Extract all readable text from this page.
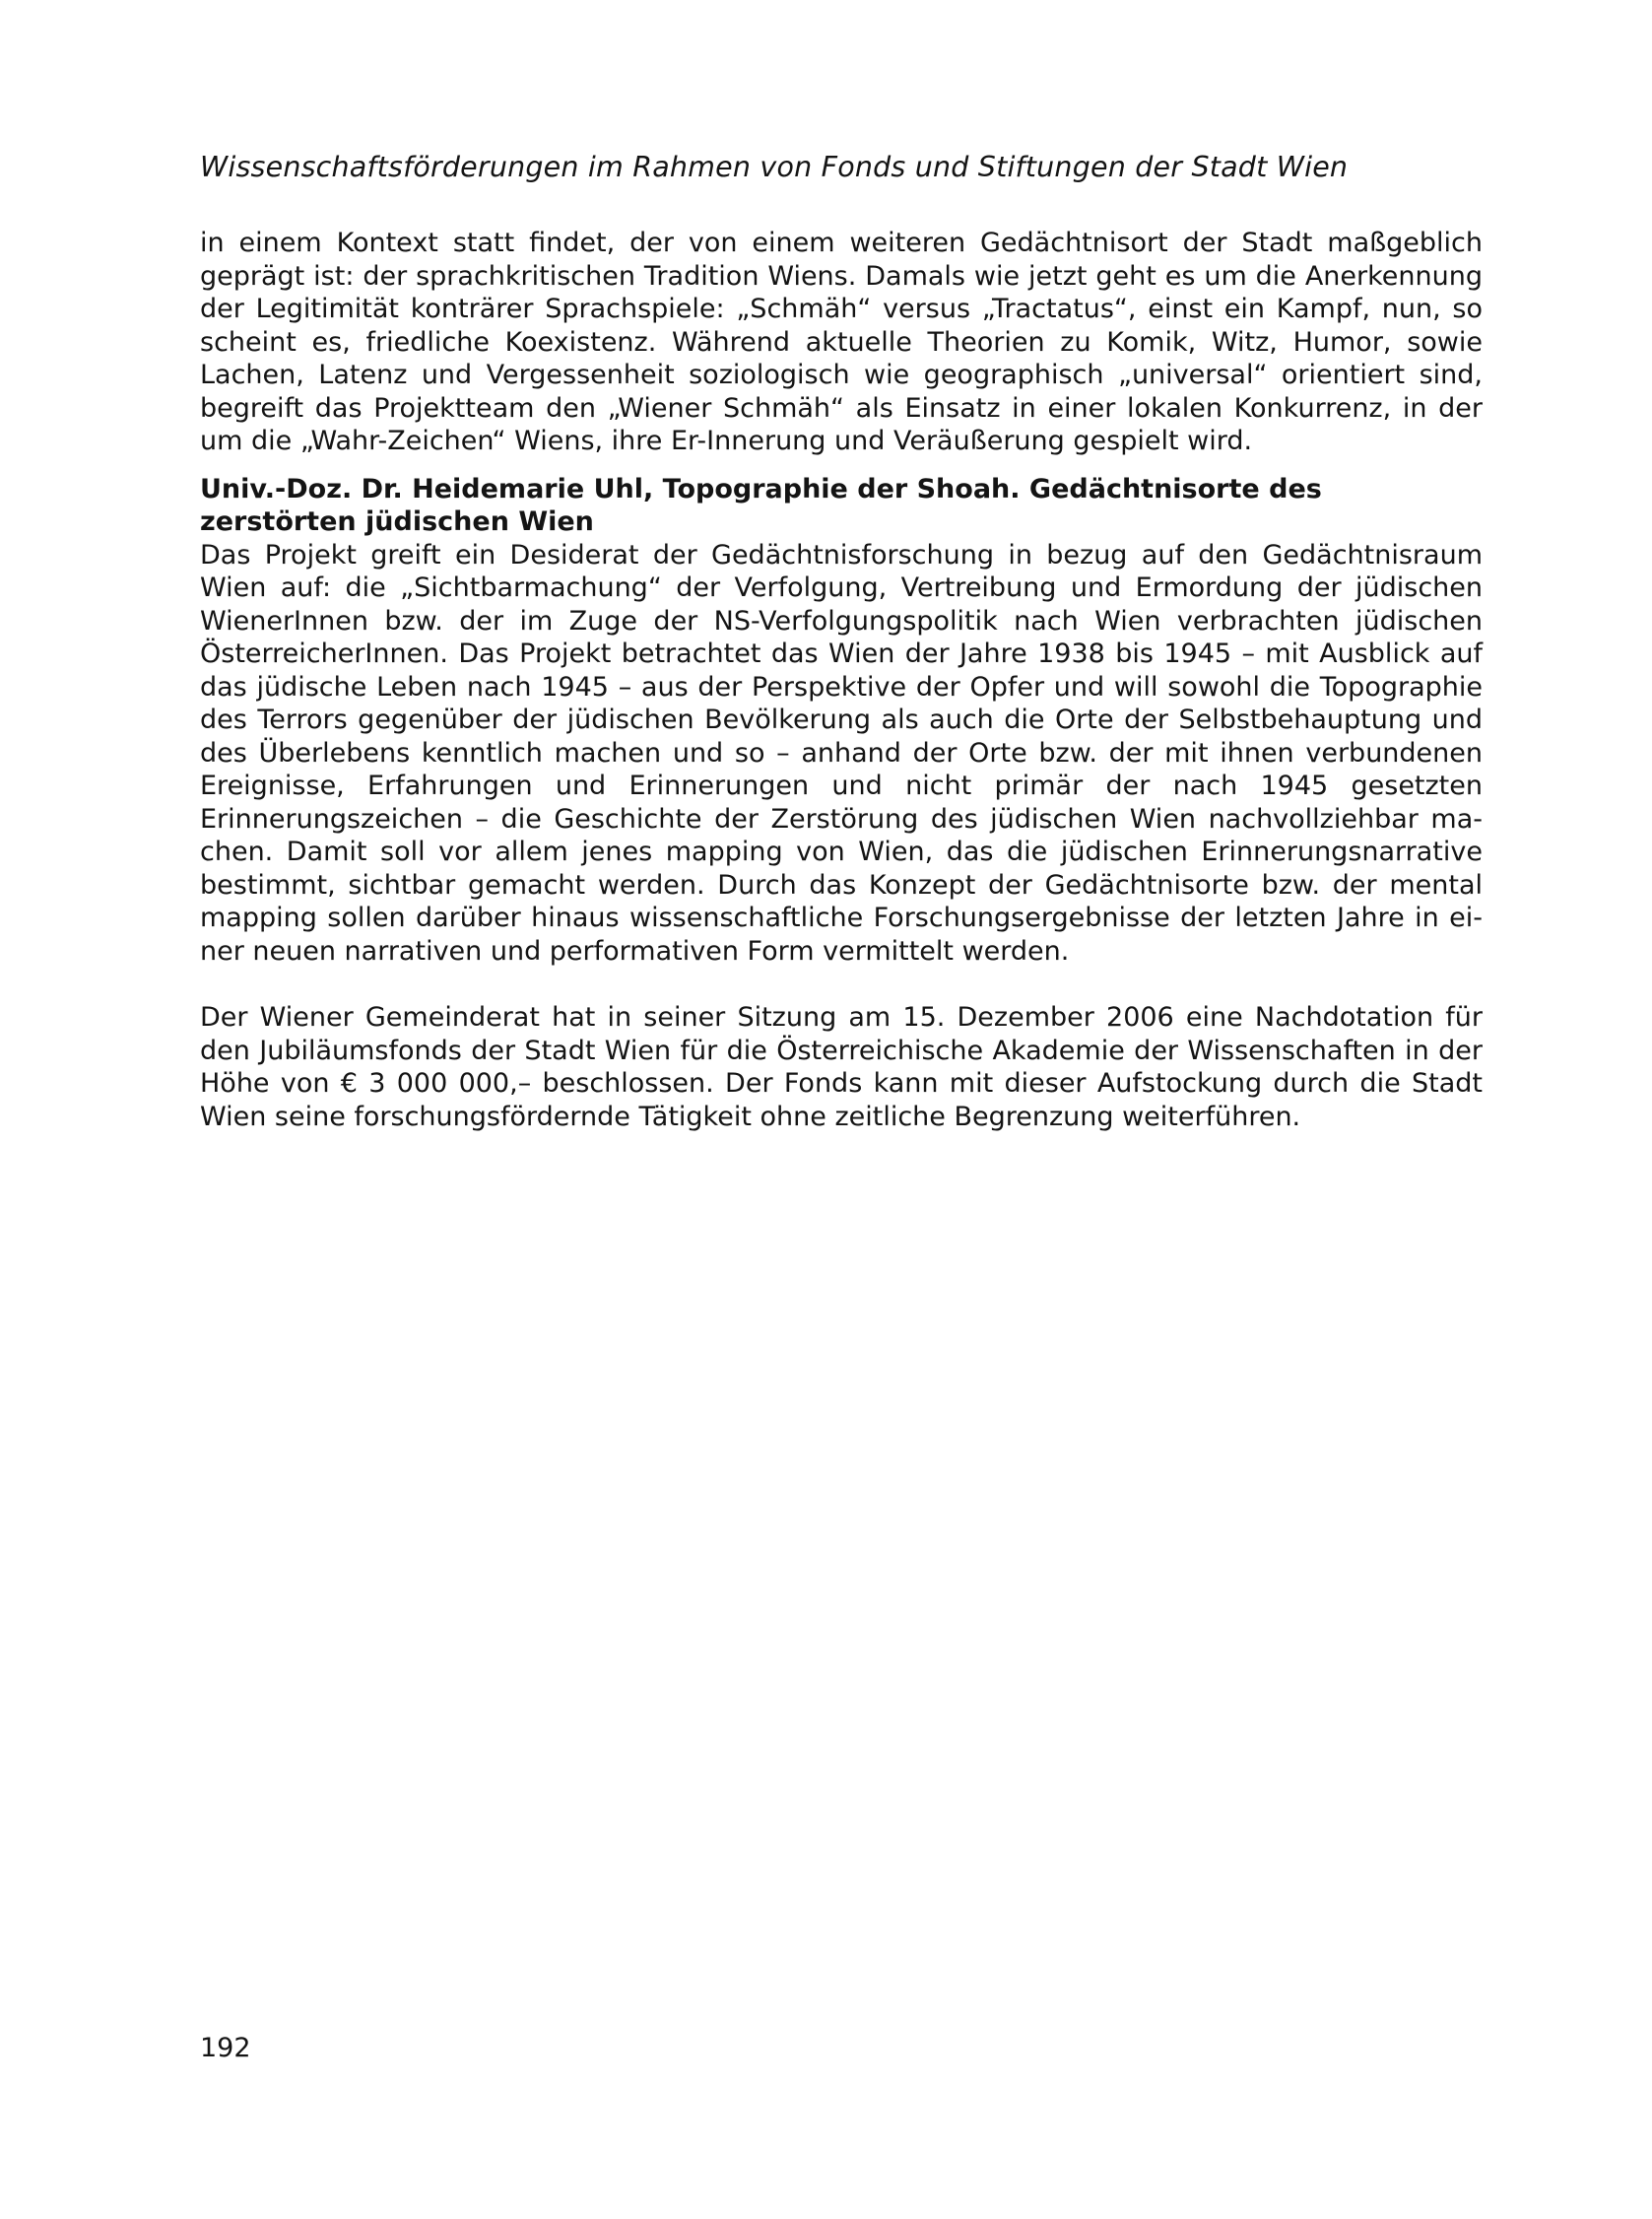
Wissenschaftsförderungen im Rahmen von Fonds und Stiftungen der Stadt Wien

in einem Kontext statt findet, der von einem weiteren Gedächtnisort der Stadt maßgeblich geprägt ist: der sprachkritischen Tradition Wiens. Damals wie jetzt geht es um die Anerkennung der Legitimität konträrer Sprachspiele: „Schmäh“ versus „Tractatus“, einst ein Kampf, nun, so scheint es, friedliche Koexistenz. Während aktuelle Theorien zu Komik, Witz, Humor, sowie Lachen, Latenz und Vergessenheit soziologisch wie geographisch „universal“ orientiert sind, begreift das Projektteam den „Wiener Schmäh“ als Einsatz in einer lokalen Konkurrenz, in der um die „Wahr-Zeichen“ Wiens, ihre Er-Innerung und Veräußerung gespielt wird.

Univ.-Doz. Dr. Heidemarie Uhl, Topographie der Shoah. Gedächtnisorte des zerstörten jüdischen Wien

Das Projekt greift ein Desiderat der Gedächtnisforschung in bezug auf den Gedächtnisraum Wien auf: die „Sichtbarmachung“ der Verfolgung, Vertreibung und Ermordung der jüdischen WienerInnen bzw. der im Zuge der NS-Verfolgungspolitik nach Wien verbrachten jüdischen ÖsterreicherInnen. Das Projekt betrachtet das Wien der Jahre 1938 bis 1945 – mit Ausblick auf das jüdische Leben nach 1945 – aus der Perspektive der Opfer und will sowohl die Topographie des Terrors gegenüber der jüdischen Bevölkerung als auch die Orte der Selbstbehauptung und des Überlebens kenntlich machen und so – anhand der Orte bzw. der mit ihnen verbundenen Ereignisse, Erfahrungen und Erinnerungen und nicht primär der nach 1945 gesetzten Erinnerungszeichen – die Geschichte der Zerstörung des jüdischen Wien nachvollziehbar machen. Damit soll vor allem jenes mapping von Wien, das die jüdischen Erinnerungsnarrative bestimmt, sichtbar gemacht werden. Durch das Konzept der Gedächtnisorte bzw. der mental mapping sollen darüber hinaus wissenschaftliche Forschungsergebnisse der letzten Jahre in einer neuen narrativen und performativen Form vermittelt werden.

Der Wiener Gemeinderat hat in seiner Sitzung am 15. Dezember 2006 eine Nachdotation für den Jubiläumsfonds der Stadt Wien für die Österreichische Akademie der Wissenschaften in der Höhe von € 3 000 000,– beschlossen. Der Fonds kann mit dieser Aufstockung durch die Stadt Wien seine forschungsfördernde Tätigkeit ohne zeitliche Begrenzung weiterführen.

192
